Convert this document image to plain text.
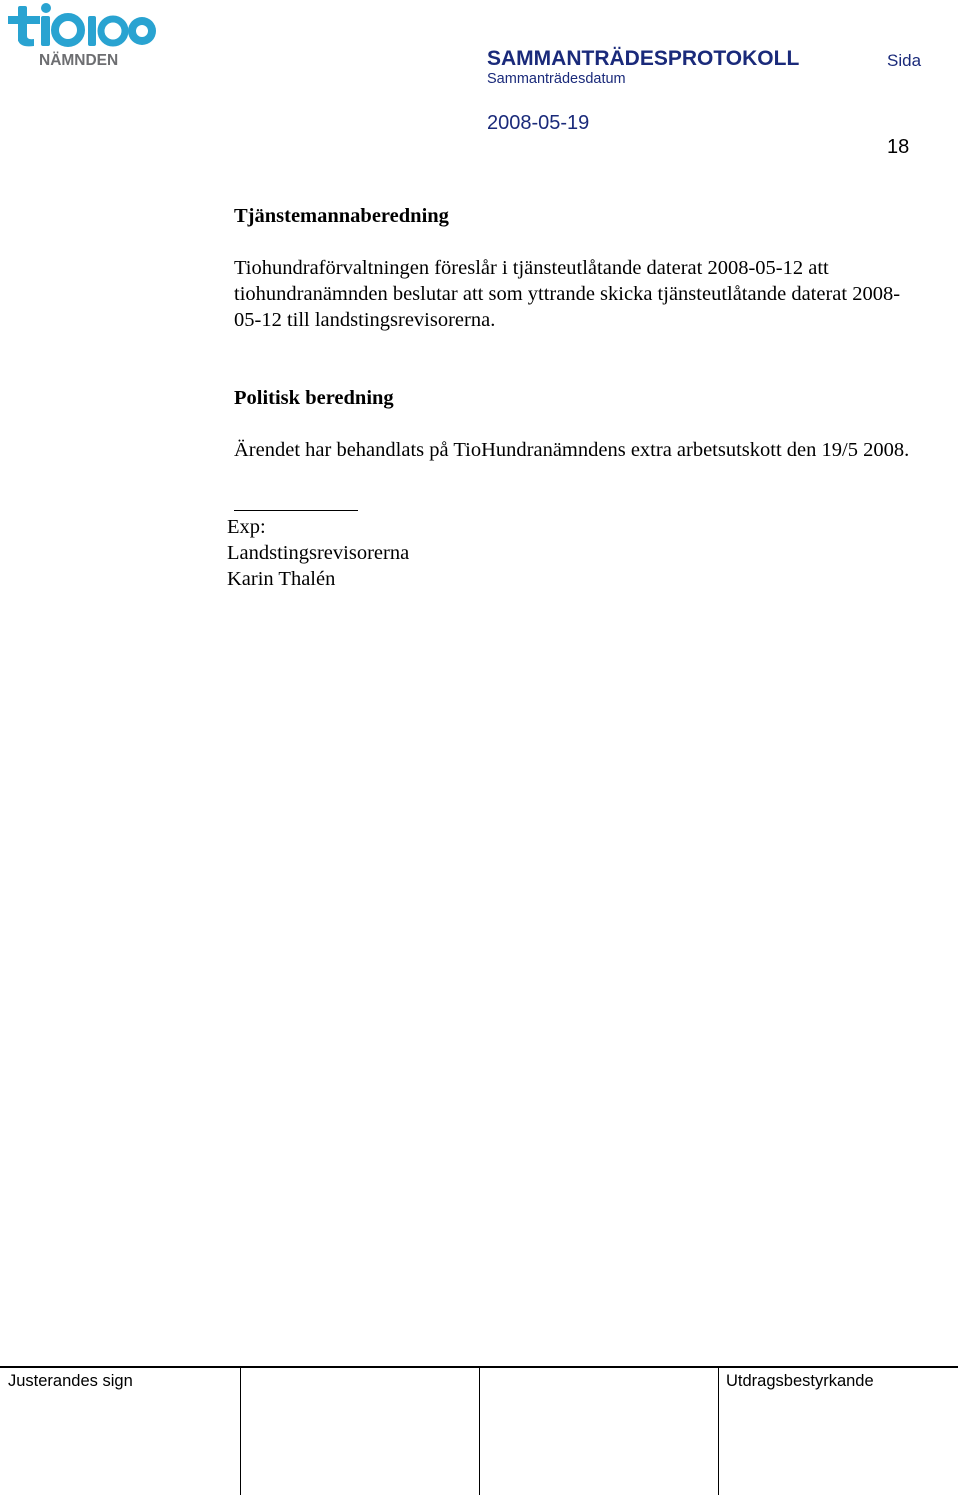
NÄMNDEN	SAMMANTRÄDESPROTOKOLL	Sida
Sammanträdesdatum
2008-05-19
18
Tjänstemannaberedning
Tiohundraförvaltningen föreslår i tjänsteutlåtande daterat 2008-05-12 att tiohundranämnden beslutar att som yttrande skicka tjänsteutlåtande daterat 2008-05-12 till landstingsrevisorerna.
Politisk beredning
Ärendet har behandlats på TioHundranämndens extra arbetsutskott den 19/5 2008.
Exp:
Landstingsrevisorerna
Karin Thalén
Justerandes sign	Utdragsbestyrkande
